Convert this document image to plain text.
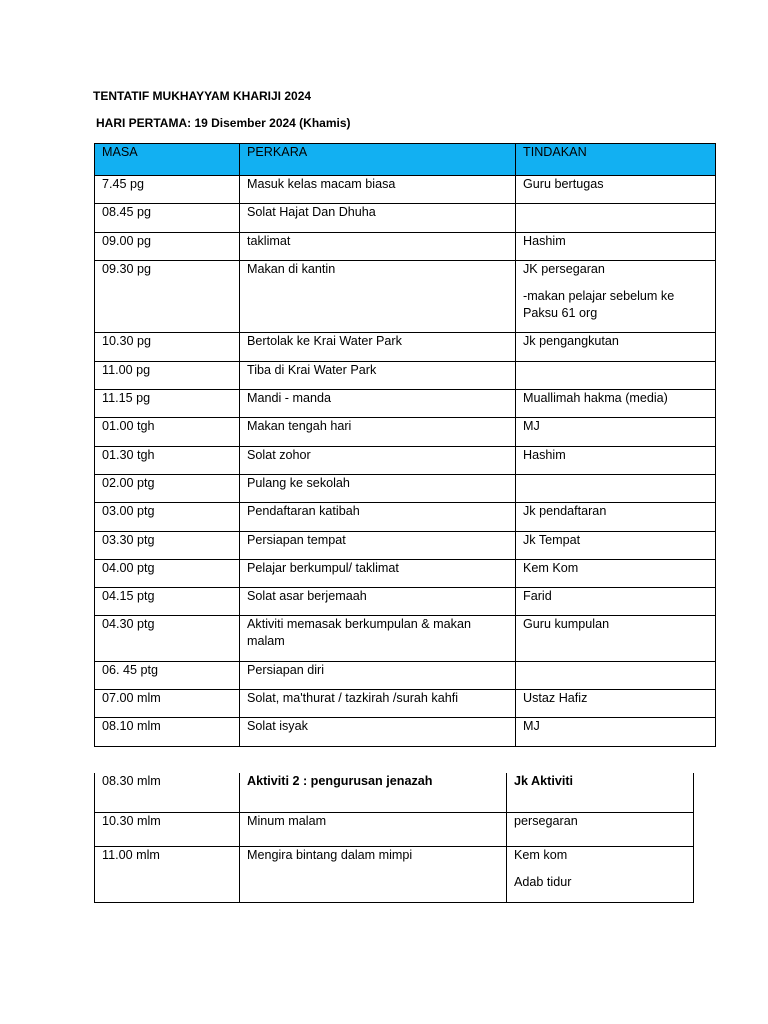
TENTATIF MUKHAYYAM KHARIJI 2024
HARI PERTAMA: 19 Disember 2024 (Khamis)
MASA	PERKARA	TINDAKAN

7.45 pg	Masuk kelas macam biasa	Guru bertugas

08.45 pg	Solat Hajat Dan Dhuha	

09.00 pg	taklimat	Hashim

09.30 pg	Makan di kantin	JK persegaran

-makan pelajar sebelum ke Paksu 61 org

10.30 pg	Bertolak ke Krai Water Park	Jk pengangkutan

11.00 pg	Tiba di Krai Water Park	

11.15 pg	Mandi - manda	Muallimah hakma (media)

01.00 tgh	Makan tengah hari	MJ

01.30 tgh	Solat zohor	Hashim

02.00 ptg	Pulang ke sekolah	

03.00 ptg	Pendaftaran katibah	Jk pendaftaran

03.30 ptg	Persiapan tempat	Jk Tempat

04.00 ptg	Pelajar berkumpul/ taklimat	Kem Kom

04.15 ptg	Solat asar berjemaah	Farid

04.30 ptg	Aktiviti memasak berkumpulan & makan malam	Guru kumpulan

06. 45 ptg	Persiapan diri	

07.00 mlm	Solat, ma'thurat / tazkirah /surah kahfi	Ustaz Hafiz

08.10 mlm	Solat isyak	MJ

08.30 mlm	Aktiviti 2 : pengurusan jenazah	Jk Aktiviti

10.30 mlm	Minum malam	persegaran

11.00 mlm	Mengira bintang dalam mimpi	Kem kom

Adab tidur
